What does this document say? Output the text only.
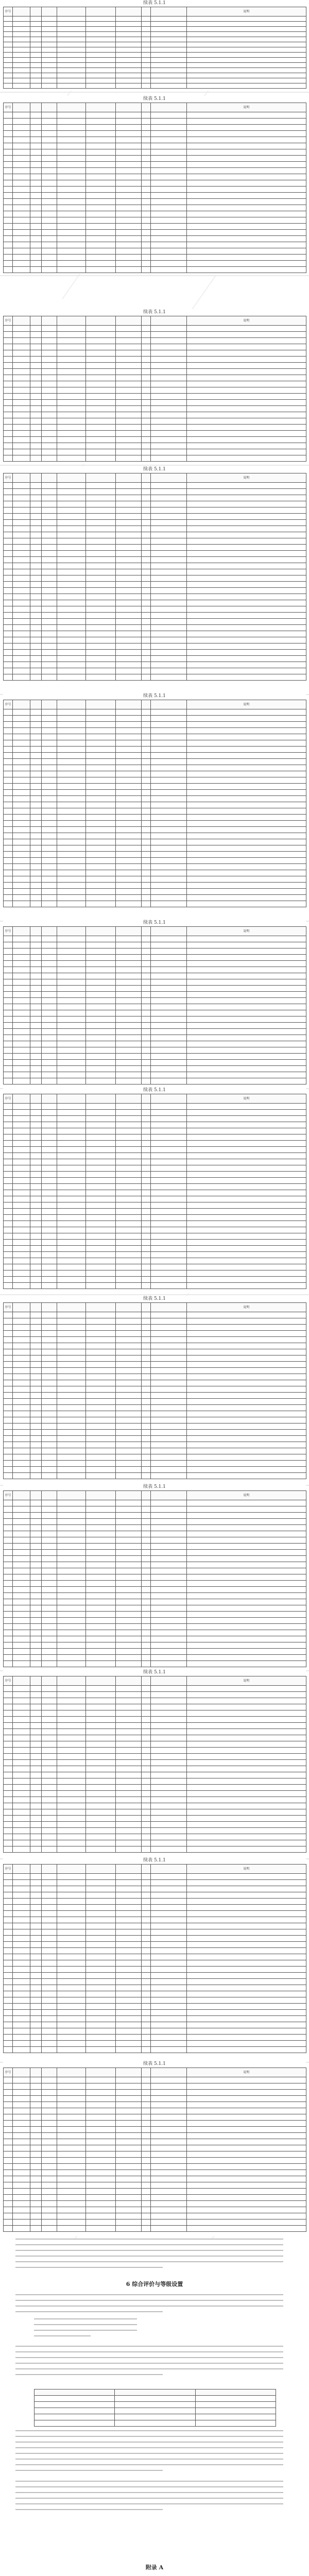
续表 5.1.1
序号									说明

续表 5.1.1
序号									说明

续表 5.1.1
序号									说明

续表 5.1.1
序号									说明

续表 5.1.1
序号									说明

续表 5.1.1
序号									说明

续表 5.1.1
序号									说明

续表 5.1.1
序号									说明

续表 5.1.1
序号									说明

续表 5.1.1
序号									说明

续表 5.1.1
序号									说明

续表 5.1.1
序号									说明

6 综合评价与等级设置

附录 A
